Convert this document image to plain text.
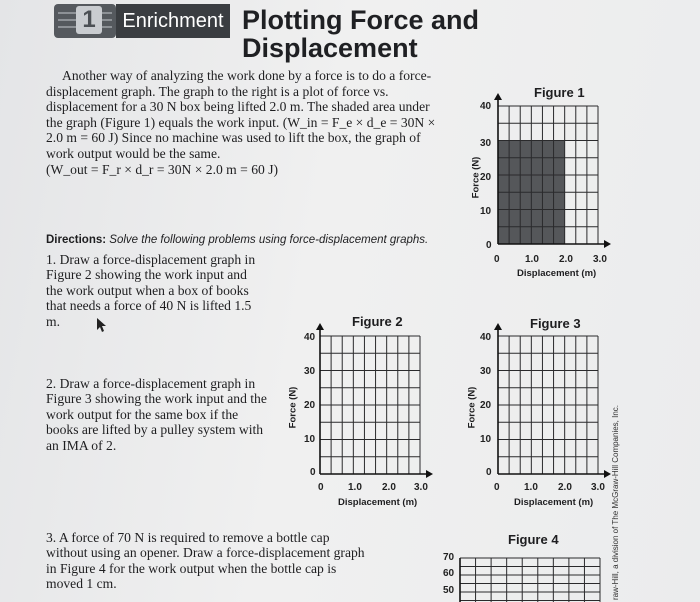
1	Enrichment Plotting Force and
Displacement
Another way of analyzing the work done by a force is to do a force-displacement graph. The graph to the right is a plot of force vs. displacement for a 30 N box being lifted 2.0 m. The shaded area under the graph (Figure 1) equals the work input. (W_in = F_e × d_e = 30N × 2.0 m = 60 J) Since no machine was used to lift the box, the graph of work output would be the same.
(W_out = F_r × d_r = 30N × 2.0 m = 60 J)
Directions: Solve the following problems using force-displacement graphs.
1. Draw a force-displacement graph in Figure 2 showing the work input and the work output when a box of books that needs a force of 40 N is lifted 1.5 m.
2. Draw a force-displacement graph in Figure 3 showing the work input and the work output for the same box if the books are lifted by a pulley system with an IMA of 2.
3. A force of 70 N is required to remove a bottle cap without using an opener. Draw a force-displacement graph in Figure 4 for the work output when the bottle cap is moved 1 cm.
Figure 1
40
30
20
10
0
0	1.0 2.0 3.0
Displacement (m)
Force (N)
Figure 2
40
30
20
10
0
0 1.0 2.0 3.0
Displacement (m)
Force (N)
Figure 3
40
30
20
10
0
0 1.0 2.0 3.0
Displacement (m)
Force (N)
Figure 4
70
60
50	raw-Hill, a division of The McGraw-Hill Companies, Inc.
